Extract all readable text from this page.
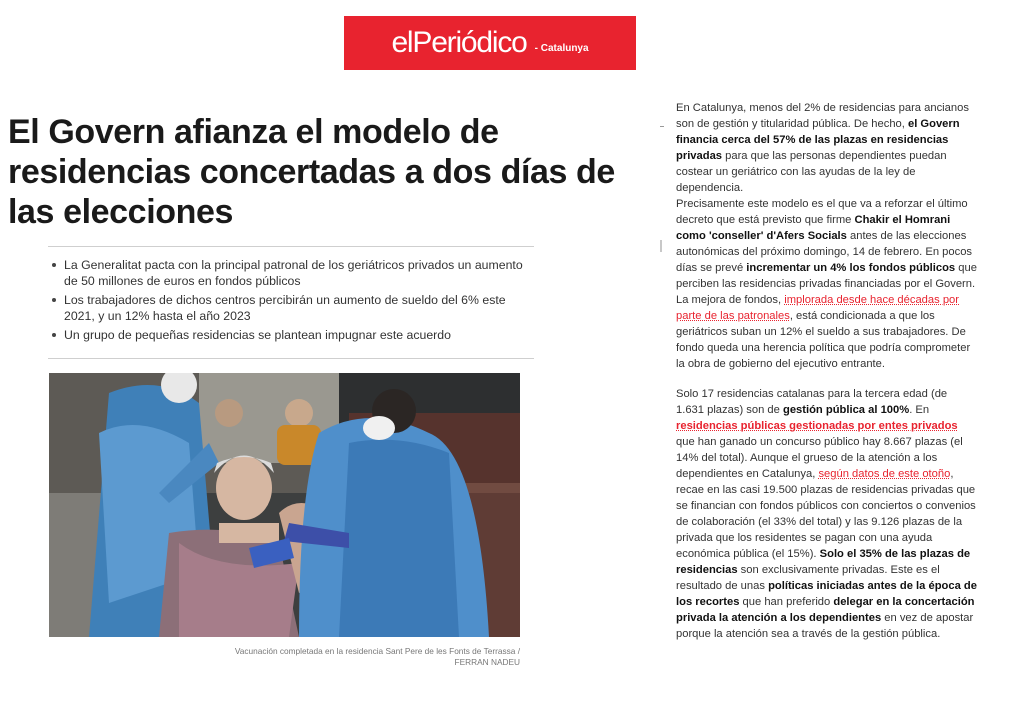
elPeriódico - Catalunya
El Govern afianza el modelo de residencias concertadas a dos días de las elecciones
La Generalitat pacta con la principal patronal de los geriátricos privados un aumento de 50 millones de euros en fondos públicos
Los trabajadores de dichos centros percibirán un aumento de sueldo del 6% este 2021, y un 12% hasta el año 2023
Un grupo de pequeñas residencias se plantean impugnar este acuerdo
Vacunación completada en la residencia Sant Pere de les Fonts de Terrassa /
FERRAN NADEU

En Catalunya, menos del 2% de residencias para ancianos son de gestión y titularidad pública. De hecho, el Govern financia cerca del 57% de las plazas en residencias privadas para que las personas dependientes puedan costear un geriátrico con las ayudas de la ley de dependencia.
Precisamente este modelo es el que va a reforzar el último decreto que está previsto que firme Chakir el Homrani como 'conseller' d'Afers Socials antes de las elecciones autonómicas del próximo domingo, 14 de febrero. En pocos días se prevé incrementar un 4% los fondos públicos que perciben las residencias privadas financiadas por el Govern. La mejora de fondos, implorada desde hace décadas por parte de las patronales, está condicionada a que los geriátricos suban un 12% el sueldo a sus trabajadores. De fondo queda una herencia política que podría comprometer la obra de gobierno del ejecutivo entrante.

Solo 17 residencias catalanas para la tercera edad (de 1.631 plazas) son de gestión pública al 100%. En residencias públicas gestionadas por entes privados que han ganado un concurso público hay 8.667 plazas (el 14% del total). Aunque el grueso de la atención a los dependientes en Catalunya, según datos de este otoño, recae en las casi 19.500 plazas de residencias privadas que se financian con fondos públicos con conciertos o convenios de colaboración (el 33% del total) y las 9.126 plazas de la privada que los residentes se pagan con una ayuda económica pública (el 15%). Solo el 35% de las plazas de residencias son exclusivamente privadas. Este es el resultado de unas políticas iniciadas antes de la época de los recortes que han preferido delegar en la concertación privada la atención a los dependientes en vez de apostar porque la atención sea a través de la gestión pública.
